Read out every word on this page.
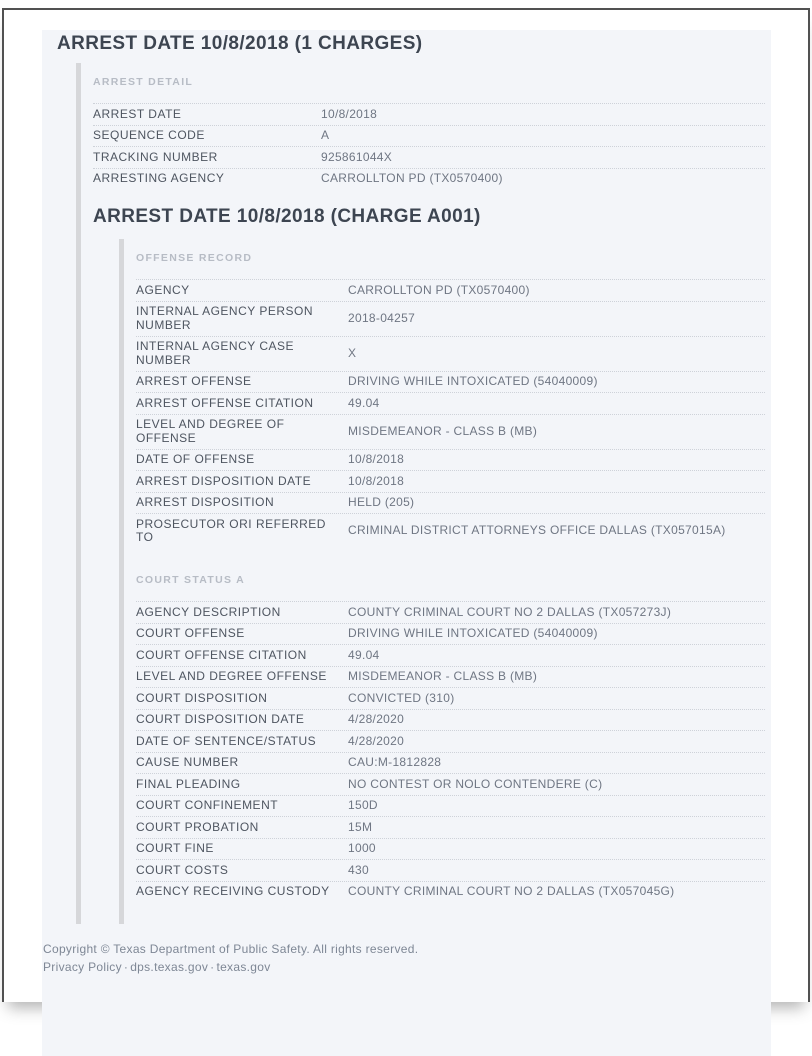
ARREST DATE 10/8/2018 (1 CHARGES)
ARREST DETAIL
ARREST DATE	10/8/2018
SEQUENCE CODE	A
TRACKING NUMBER	925861044X
ARRESTING AGENCY	CARROLLTON PD (TX0570400)
ARREST DATE 10/8/2018 (CHARGE A001)
OFFENSE RECORD
AGENCY	CARROLLTON PD (TX0570400)
INTERNAL AGENCY PERSON NUMBER	2018-04257
INTERNAL AGENCY CASE NUMBER	X
ARREST OFFENSE	DRIVING WHILE INTOXICATED (54040009)
ARREST OFFENSE CITATION	49.04
LEVEL AND DEGREE OF OFFENSE	MISDEMEANOR - CLASS B (MB)
DATE OF OFFENSE	10/8/2018
ARREST DISPOSITION DATE	10/8/2018
ARREST DISPOSITION	HELD (205)
PROSECUTOR ORI REFERRED TO	CRIMINAL DISTRICT ATTORNEYS OFFICE DALLAS (TX057015A)
COURT STATUS A
AGENCY DESCRIPTION	COUNTY CRIMINAL COURT NO 2 DALLAS (TX057273J)
COURT OFFENSE	DRIVING WHILE INTOXICATED (54040009)
COURT OFFENSE CITATION	49.04
LEVEL AND DEGREE OFFENSE	MISDEMEANOR - CLASS B (MB)
COURT DISPOSITION	CONVICTED (310)
COURT DISPOSITION DATE	4/28/2020
DATE OF SENTENCE/STATUS	4/28/2020
CAUSE NUMBER	CAU:M-1812828
FINAL PLEADING	NO CONTEST OR NOLO CONTENDERE (C)
COURT CONFINEMENT	150D
COURT PROBATION	15M
COURT FINE	1000
COURT COSTS	430
AGENCY RECEIVING CUSTODY	COUNTY CRIMINAL COURT NO 2 DALLAS (TX057045G)
Copyright © Texas Department of Public Safety. All rights reserved.
Privacy Policy · dps.texas.gov · texas.gov
